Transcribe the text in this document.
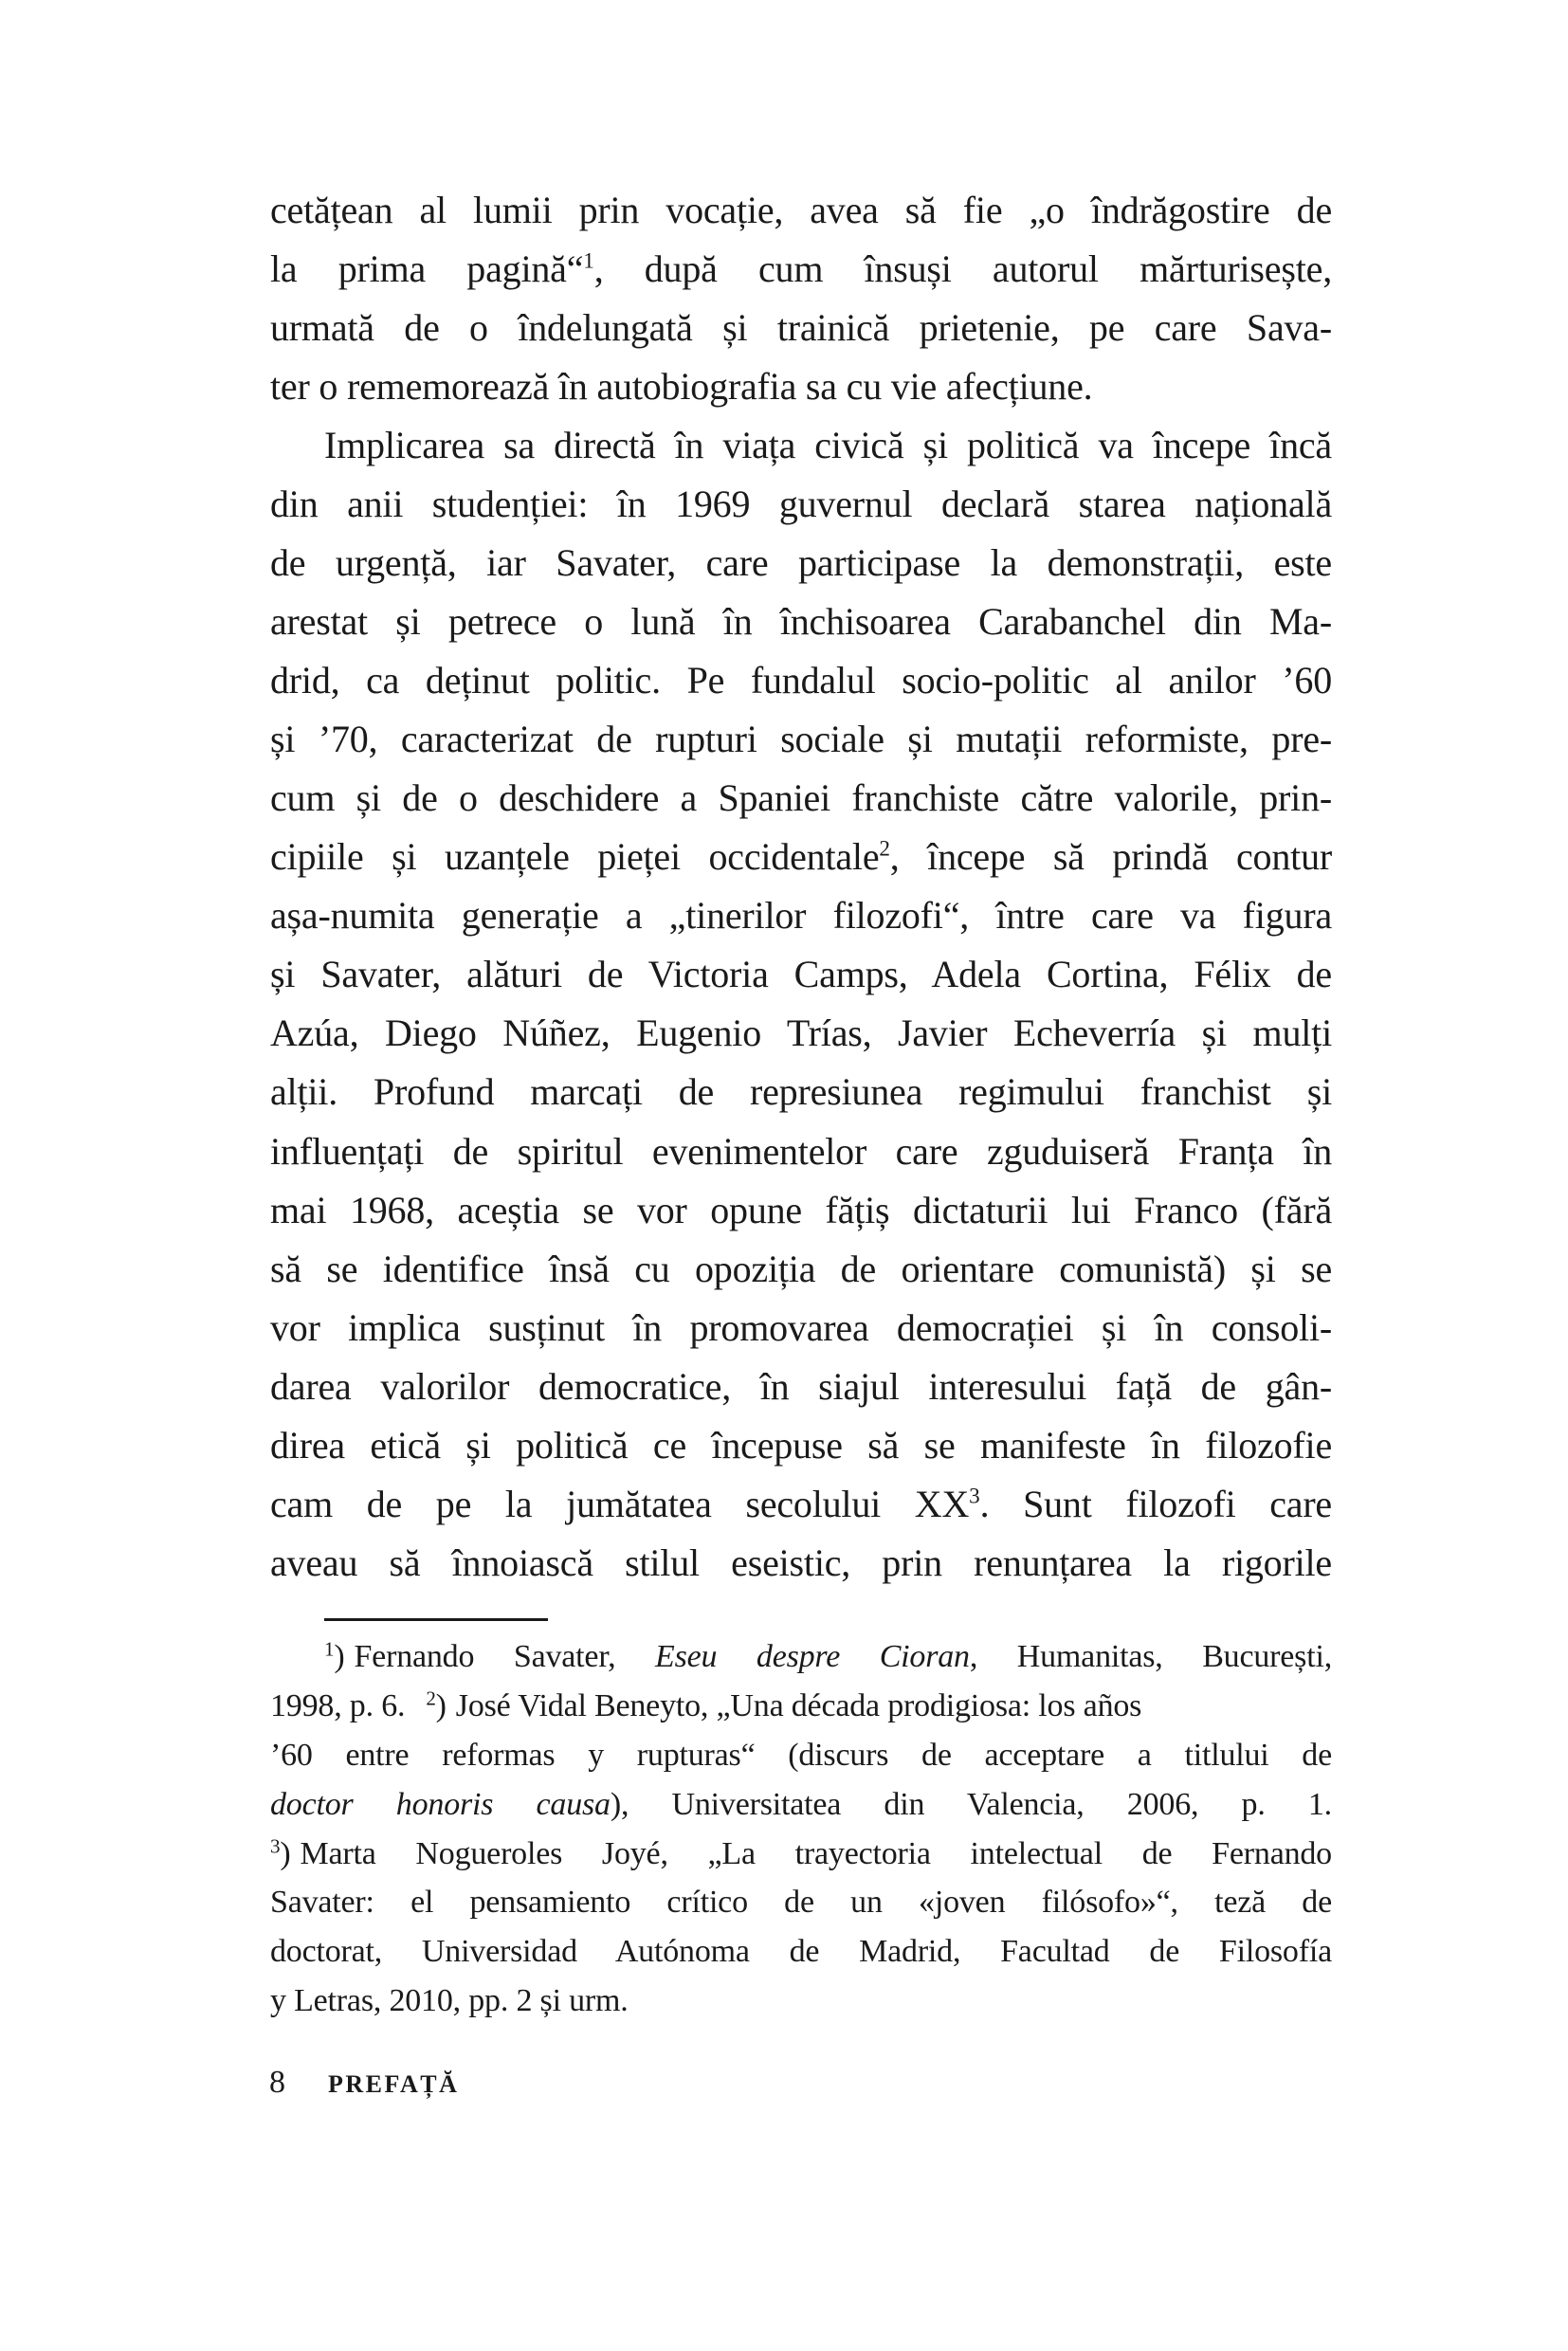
cetățean al lumii prin vocație, avea să fie „o îndrăgostire de
la prima pagină“$^1$, după cum însuși autorul mărturisește,
urmată de o îndelungată și trainică prietenie, pe care Sava-
ter o rememorează în autobiografia sa cu vie afecțiune.
Implicarea sa directă în viața civică și politică va începe încă
din anii studenției: în 1969 guvernul declară starea națională
de urgență, iar Savater, care participase la demonstrații, este
arestat și petrece o lună în închisoarea Carabanchel din Ma-
drid, ca deținut politic. Pe fundalul socio-politic al anilor ’60
și ’70, caracterizat de rupturi sociale și mutații reformiste, pre-
cum și de o deschidere a Spaniei franchiste către valorile, prin-
cipiile și uzanțele pieței occidentale$^2$, începe să prindă contur
așa-numita generație a „tinerilor filozofi“, între care va figura
și Savater, alături de Victoria Camps, Adela Cortina, Félix de
Azúa, Diego Núñez, Eugenio Trías, Javier Echeverría și mulți
alții. Profund marcați de represiunea regimului franchist și
influențați de spiritul evenimentelor care zguduiseră Franța în
mai 1968, aceștia se vor opune fățiș dictaturii lui Franco (fără
să se identifice însă cu opoziția de orientare comunistă) și se
vor implica susținut în promovarea democrației și în consoli-
darea valorilor democratice, în siajul interesului față de gân-
direa etică și politică ce începuse să se manifeste în filozofie
cam de pe la jumătatea secolului $XX^3$. Sunt filozofi care
aveau să înnoiască stilul eseistic, prin renunțarea la rigorile
$^1$) Fernando Savater, Eseu despre Cioran, Humanitas, București,
1998, p. 6. $^2$) José Vidal Beneyto, „Una década prodigiosa: los años
’60 entre reformas y rupturas“ (discurs de acceptare a titlului de
doctor honoris causa), Universitatea din Valencia, 2006, p. 1.
$^3$) Marta Nogueroles Joyé, „La trayectoria intelectual de Fernando
Savater: el pensamiento crítico de un «joven filósofo»“, teză de
doctorat, Universidad Autónoma de Madrid, Facultad de Filosofía
y Letras, 2010, pp. 2 și urm.
8 PREFAȚĂ
